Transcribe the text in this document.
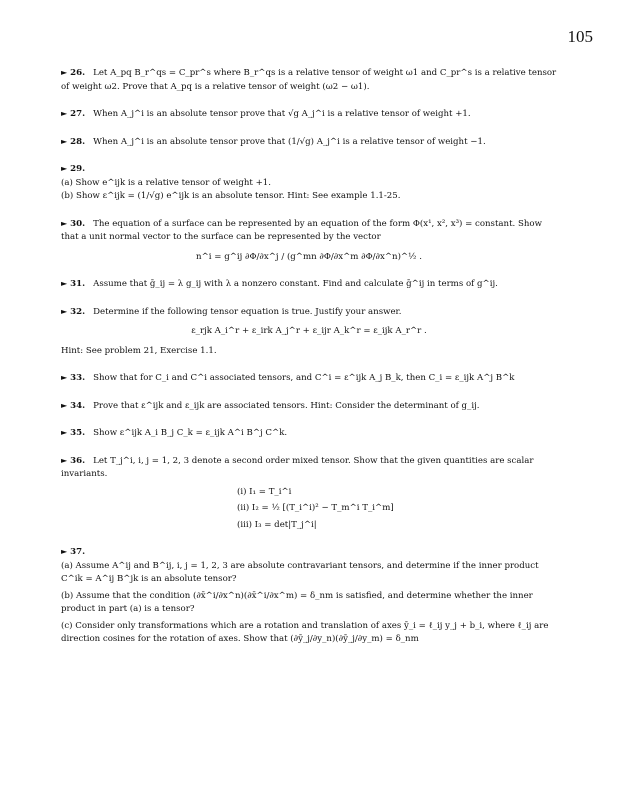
105
► 26. Let A_pq B_r^qs = C_pr^s where B_r^qs is a relative tensor of weight ω1 and C_pr^s is a relative tensor of weight ω2. Prove that A_pq is a relative tensor of weight (ω2 − ω1).
► 27. When A_j^i is an absolute tensor prove that √g A_j^i is a relative tensor of weight +1.
► 28. When A_j^i is an absolute tensor prove that (1/√g) A_j^i is a relative tensor of weight −1.
► 29.
(a) Show e^ijk is a relative tensor of weight +1.
(b) Show ε^ijk = (1/√g) e^ijk is an absolute tensor. Hint: See example 1.1-25.
► 30. The equation of a surface can be represented by an equation of the form Φ(x¹, x², x³) = constant. Show that a unit normal vector to the surface can be represented by the vector
n^i = g^ij ∂Φ/∂x^j / (g^mn ∂Φ/∂x^m ∂Φ/∂x^n)^½ .
► 31. Assume that ḡ_ij = λ g_ij with λ a nonzero constant. Find and calculate ḡ^ij in terms of g^ij.
► 32. Determine if the following tensor equation is true. Justify your answer.
ε_rjk A_i^r + ε_irk A_j^r + ε_ijr A_k^r = ε_ijk A_r^r .
Hint: See problem 21, Exercise 1.1.
► 33. Show that for C_i and C^i associated tensors, and C^i = ε^ijk A_j B_k, then C_i = ε_ijk A^j B^k
► 34. Prove that ε^ijk and ε_ijk are associated tensors. Hint: Consider the determinant of g_ij.
► 35. Show ε^ijk A_i B_j C_k = ε_ijk A^i B^j C^k.
► 36. Let T_j^i, i, j = 1, 2, 3 denote a second order mixed tensor. Show that the given quantities are scalar invariants.
(i) I₁ = T_i^i
(ii) I₂ = ½ [(T_i^i)² − T_m^i T_i^m]
(iii) I₃ = det|T_j^i|
► 37.
(a) Assume A^ij and B^ij, i, j = 1, 2, 3 are absolute contravariant tensors, and determine if the inner product C^ik = A^ij B^jk is an absolute tensor?
(b) Assume that the condition (∂x̄^i/∂x^n)(∂x̄^i/∂x^m) = δ_nm is satisfied, and determine whether the inner product in part (a) is a tensor?
(c) Consider only transformations which are a rotation and translation of axes ȳ_i = ℓ_ij y_j + b_i, where ℓ_ij are direction cosines for the rotation of axes. Show that (∂ȳ_j/∂y_n)(∂ȳ_j/∂y_m) = δ_nm
